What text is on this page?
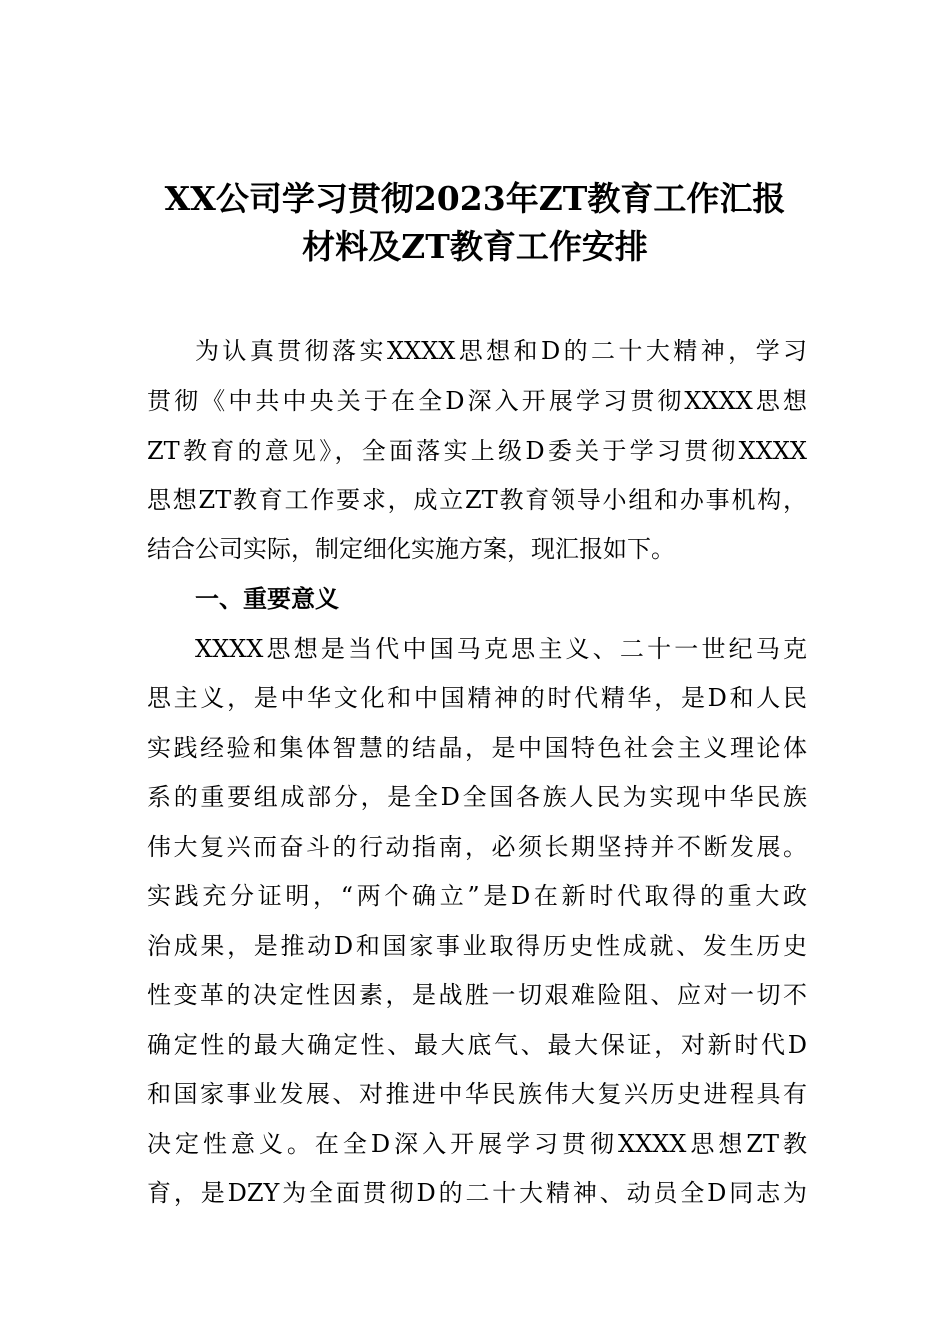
XX公司学习贯彻2023年ZT教育工作汇报
材料及ZT教育工作安排
为认真贯彻落实XXXX思想和D的二十大精神，学习
贯彻《中共中央关于在全D深入开展学习贯彻XXXX思想
ZT教育的意见》，全面落实上级D委关于学习贯彻XXXX
思想ZT教育工作要求，成立ZT教育领导小组和办事机构，
结合公司实际，制定细化实施方案，现汇报如下。
一、重要意义
XXXX思想是当代中国马克思主义、二十一世纪马克
思主义，是中华文化和中国精神的时代精华，是D和人民
实践经验和集体智慧的结晶，是中国特色社会主义理论体
系的重要组成部分，是全D全国各族人民为实现中华民族
伟大复兴而奋斗的行动指南，必须长期坚持并不断发展。
实践充分证明，“两个确立”是D在新时代取得的重大政
治成果，是推动D和国家事业取得历史性成就、发生历史
性变革的决定性因素，是战胜一切艰难险阻、应对一切不
确定性的最大确定性、最大底气、最大保证，对新时代D
和国家事业发展、对推进中华民族伟大复兴历史进程具有
决定性意义。在全D深入开展学习贯彻XXXX思想ZT教
育，是DZY为全面贯彻D的二十大精神、动员全D同志为
